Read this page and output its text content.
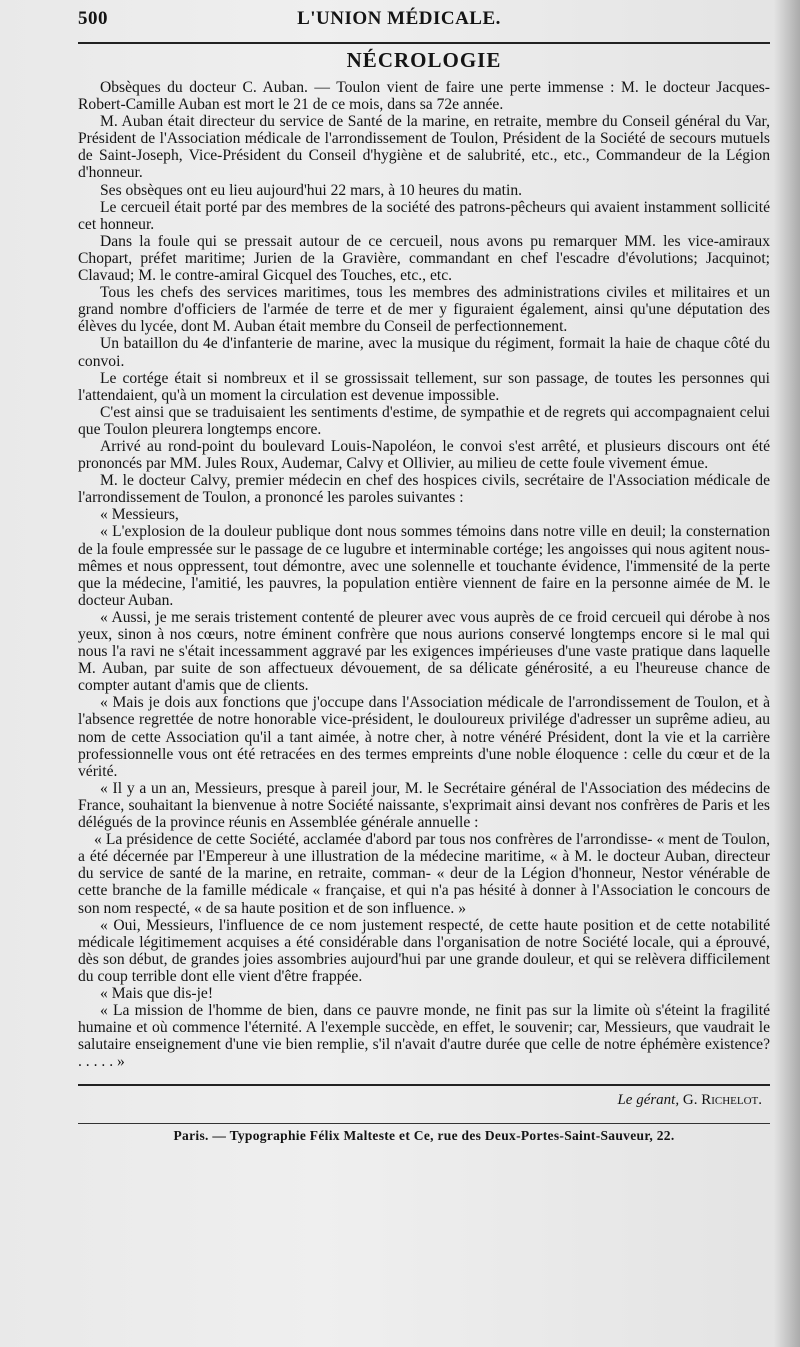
500	L'UNION MÉDICALE.
NÉCROLOGIE

Obsèques du docteur C. Auban. — Toulon vient de faire une perte immense : M. le docteur Jacques-Robert-Camille Auban est mort le 21 de ce mois, dans sa 72e année.

M. Auban était directeur du service de Santé de la marine, en retraite, membre du Conseil général du Var, Président de l'Association médicale de l'arrondissement de Toulon, Président de la Société de secours mutuels de Saint-Joseph, Vice-Président du Conseil d'hygiène et de salubrité, etc., etc., Commandeur de la Légion d'honneur.

Ses obsèques ont eu lieu aujourd'hui 22 mars, à 10 heures du matin.

Le cercueil était porté par des membres de la société des patrons-pêcheurs qui avaient instamment sollicité cet honneur.

Dans la foule qui se pressait autour de ce cercueil, nous avons pu remarquer MM. les vice-amiraux Chopart, préfet maritime; Jurien de la Gravière, commandant en chef l'escadre d'évolutions; Jacquinot; Clavaud; M. le contre-amiral Gicquel des Touches, etc., etc.

Tous les chefs des services maritimes, tous les membres des administrations civiles et militaires et un grand nombre d'officiers de l'armée de terre et de mer y figuraient également, ainsi qu'une députation des élèves du lycée, dont M. Auban était membre du Conseil de perfectionnement.

Un bataillon du 4e d'infanterie de marine, avec la musique du régiment, formait la haie de chaque côté du convoi.

Le cortége était si nombreux et il se grossissait tellement, sur son passage, de toutes les personnes qui l'attendaient, qu'à un moment la circulation est devenue impossible.

C'est ainsi que se traduisaient les sentiments d'estime, de sympathie et de regrets qui accompagnaient celui que Toulon pleurera longtemps encore.

Arrivé au rond-point du boulevard Louis-Napoléon, le convoi s'est arrêté, et plusieurs discours ont été prononcés par MM. Jules Roux, Audemar, Calvy et Ollivier, au milieu de cette foule vivement émue.

M. le docteur Calvy, premier médecin en chef des hospices civils, secrétaire de l'Association médicale de l'arrondissement de Toulon, a prononcé les paroles suivantes :

« Messieurs,

« L'explosion de la douleur publique dont nous sommes témoins dans notre ville en deuil; la consternation de la foule empressée sur le passage de ce lugubre et interminable cortége; les angoisses qui nous agitent nous-mêmes et nous oppressent, tout démontre, avec une solennelle et touchante évidence, l'immensité de la perte que la médecine, l'amitié, les pauvres, la population entière viennent de faire en la personne aimée de M. le docteur Auban.

« Aussi, je me serais tristement contenté de pleurer avec vous auprès de ce froid cercueil qui dérobe à nos yeux, sinon à nos cœurs, notre éminent confrère que nous aurions conservé longtemps encore si le mal qui nous l'a ravi ne s'était incessamment aggravé par les exigences impérieuses d'une vaste pratique dans laquelle M. Auban, par suite de son affectueux dévouement, de sa délicate générosité, a eu l'heureuse chance de compter autant d'amis que de clients.

« Mais je dois aux fonctions que j'occupe dans l'Association médicale de l'arrondissement de Toulon, et à l'absence regrettée de notre honorable vice-président, le douloureux privilége d'adresser un suprême adieu, au nom de cette Association qu'il a tant aimée, à notre cher, à notre vénéré Président, dont la vie et la carrière professionnelle vous ont été retracées en des termes empreints d'une noble éloquence : celle du cœur et de la vérité.

« Il y a un an, Messieurs, presque à pareil jour, M. le Secrétaire général de l'Association des médecins de France, souhaitant la bienvenue à notre Société naissante, s'exprimait ainsi devant nos confrères de Paris et les délégués de la province réunis en Assemblée générale annuelle :

« La présidence de cette Société, acclamée d'abord par tous nos confrères de l'arrondisse- « ment de Toulon, a été décernée par l'Empereur à une illustration de la médecine maritime, « à M. le docteur Auban, directeur du service de santé de la marine, en retraite, comman- « deur de la Légion d'honneur, Nestor vénérable de cette branche de la famille médicale « française, et qui n'a pas hésité à donner à l'Association le concours de son nom respecté, « de sa haute position et de son influence. »

« Oui, Messieurs, l'influence de ce nom justement respecté, de cette haute position et de cette notabilité médicale légitimement acquises a été considérable dans l'organisation de notre Société locale, qui a éprouvé, dès son début, de grandes joies assombries aujourd'hui par une grande douleur, et qui se relèvera difficilement du coup terrible dont elle vient d'être frappée.

« Mais que dis-je!

« La mission de l'homme de bien, dans ce pauvre monde, ne finit pas sur la limite où s'éteint la fragilité humaine et où commence l'éternité. A l'exemple succède, en effet, le souvenir; car, Messieurs, que vaudrait le salutaire enseignement d'une vie bien remplie, s'il n'avait d'autre durée que celle de notre éphémère existence? . . . . . »

Le gérant, G. Richelot.
Paris. — Typographie Félix Malteste et Ce, rue des Deux-Portes-Saint-Sauveur, 22.
